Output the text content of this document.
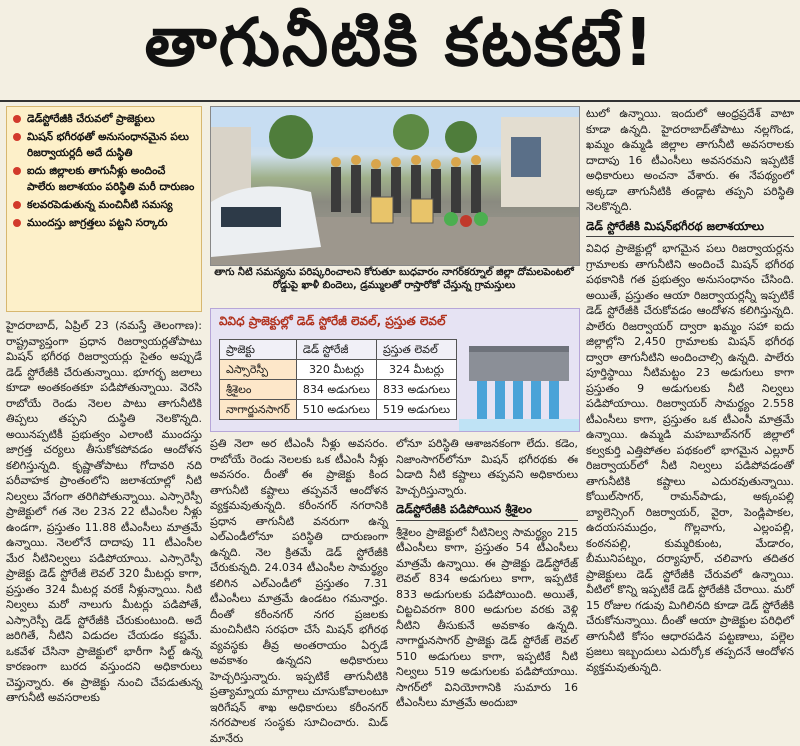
తాగునీటికి కటకటే!
డెడ్‌స్టోరేజీకి చేరువలో ప్రాజెక్టులు
మిషన్ భగీరథతో అనుసంధానమైన పలు రిజర్వాయర్లదీ అదే దుస్థితి
ఐదు జిల్లాలకు తాగునీళ్లు అందించే పాలేరు జలాశయం పరిస్థితి మరీ దారుణం
కలవరపెడుతున్న మంచినీటి సమస్య
ముందస్తు జాగ్రత్తలు పట్టని సర్కారు
తాగు నీటి సమస్యను పరిష్కరించాలని కోరుతూ బుధవారం నాగర్‌కర్నూల్ జిల్లా దోమలపెంటలో రోడ్డుపై ఖాళీ బిందెలు, డ్రమ్ములతో రాస్తారోకో చేస్తున్న గ్రామస్తులు

హైదరాబాద్, ఏప్రిల్ 23 (నమస్తే తెలంగాణ): రాష్ట్రవ్యాప్తంగా ప్రధాన రిజర్వాయర్లతోపాటు మిషన్ భగీరథ రిజర్వాయర్లు సైతం అప్పుడే డెడ్ స్టోరేజీకి చేరుతున్నాయి. భూగర్భ జలాలు కూడా అంతకంతకూ పడిపోతున్నాయి. వెరసి రాబోయే రెండు నెలల పాటు తాగునీటికి తిప్పలు తప్పని దుస్థితి నెలకొన్నది. అయినప్పటికీ ప్రభుత్వం ఎలాంటి ముందస్తు జాగ్రత్త చర్యలు తీసుకోకపోవడం ఆందోళన కలిగిస్తున్నది. కృష్ణాతోపాటు గోదావరి నది పరీవాహక ప్రాంతంలోని జలాశయాల్లో నీటి నిల్వలు వేగంగా తరిగిపోతున్నాయి. ఎస్సారెస్పీ ప్రాజెక్టులో గత నెల 23న 22 టీఎంసీల నీళ్లు ఉండగా, ప్రస్తుతం 11.88 టీఎంసీలు మాత్రమే ఉన్నాయి. నెలలోనే దాదాపు 11 టీఎంసీల మేర నీటినిల్వలు పడిపోయాయి. ఎస్సారెస్పీ ప్రాజెక్టు డెడ్ స్టోరేజీ లెవల్ 320 మీటర్లు కాగా, ప్రస్తుతం 324 మీటర్ల వరకే నీళ్లున్నాయి. నీటి నిల్వలు మరో నాలుగు మీటర్లు పడిపోతే, ఎస్సారెస్పీ డెడ్ స్టోరేజీకి చేరుకుంటుంది. అదే జరిగితే, నీటిని విడుదల చేయడం కష్టమే. ఒకవేళ చేసినా ప్రాజెక్టులో భారీగా సిల్ట్ ఉన్న కారణంగా బురద వస్తుందని అధికారులు చెప్తున్నారు. ఈ ప్రాజెక్టు నుంచి చేపడుతున్న తాగునీటి అవసరాలకు

వివిధ ప్రాజెక్టుల్లో డెడ్ స్టోరేజీ లెవల్, ప్రస్తుత లెవల్
ప్రాజెక్టు	డెడ్ స్టోరేజీ	ప్రస్తుత లెవల్
ఎస్సారెస్పీ	320 మీటర్లు	324 మీటర్లు
శ్రీశైలం	834 అడుగులు	833 అడుగులు
నాగార్జునసాగర్	510 అడుగులు	519 అడుగులు

ప్రతి నెలా అర టీఎంసీ నీళ్లు అవసరం. రాబోయే రెండు నెలలకు ఒక టీఎంసీ నీళ్లు అవసరం. దీంతో ఈ ప్రాజెక్టు కింద తాగునీటి కష్టాలు తప్పవనే ఆందోళన వ్యక్తమవుతున్నది. కరీంనగర్ నగరానికి ప్రధాన తాగునీటి వనరుగా ఉన్న ఎల్ఎండీలోనూ పరిస్థితి దారుణంగా ఉన్నది. నెల క్రితమే డెడ్ స్టోరేజీకి చేరుకున్నది. 24.034 టీఎంసీల సామర్థ్యం కలిగిన ఎల్ఎండీలో ప్రస్తుతం 7.31 టీఎంసీలు మాత్రమే ఉండటం గమనార్హం. దీంతో కరీంనగర్ నగర ప్రజలకు మంచినీటిని సరఫరా చేసే మిషన్ భగీరథ వ్యవస్థకు తీవ్ర అంతరాయం ఏర్పడే అవకాశం ఉన్నదని అధికారులు హెచ్చరిస్తున్నారు. ఇప్పటికే తాగునీటికి ప్రత్యామ్నాయ మార్గాలు చూసుకోవాలంటూ ఇరిగేషన్ శాఖ అధికారులు కరీంనగర్ నగరపాలక సంస్థకు సూచించారు. మిడ్ మానేరు

లోనూ పరిస్థితి ఆశాజనకంగా లేదు. కడెం, నిజాంసాగర్‌లోనూ మిషన్ భగీరథకు ఈ ఏడాది నీటి కష్టాలు తప్పవని అధికారులు హెచ్చరిస్తున్నారు.

డెడ్‌స్టోరేజీకి పడిపోయిన శ్రీశైలం

శ్రీశైలం ప్రాజెక్టులో నీటినిల్వ సామర్థ్యం 215 టీఎంసీలు కాగా, ప్రస్తుతం 54 టీఎంసీలు మాత్రమే ఉన్నాయి. ఈ ప్రాజెక్టు డెడ్‌స్టోరేజ్ లెవల్ 834 అడుగులు కాగా, ఇప్పటికే 833 అడుగులకు పడిపోయింది. అయితే, చిట్టచివరగా 800 అడుగుల వరకు వెళ్లి నీటిని తీసుకునే అవకాశం ఉన్నది. నాగార్జునసాగర్ ప్రాజెక్టు డెడ్ స్టోరేజ్ లెవల్ 510 అడుగులు కాగా, ఇప్పటికే నీటి నిల్వలు 519 అడుగులకు పడిపోయాయి. సాగర్‌లో వినియోగానికి సుమారు 16 టీఎంసీలు మాత్రమే అందుబా

టులో ఉన్నాయి. ఇందులో ఆంధ్రప్రదేశ్ వాటా కూడా ఉన్నది. హైదరాబాద్‌తోపాటు నల్లగొండ, ఖమ్మం ఉమ్మడి జిల్లాల తాగునీటి అవసరాలకు దాదాపు 16 టీఎంసీలు అవసరమని ఇప్పటికే అధికారులు అంచనా వేశారు. ఈ నేపథ్యంలో అక్కడా తాగునీటికి తండ్లాట తప్పని పరిస్థితి నెలకొన్నది.

డెడ్ స్టోరేజీకి మిషన్‌భగీరథ జలాశయాలు

వివిధ ప్రాజెక్టుల్లో భాగమైన పలు రిజర్వాయర్లను గ్రామాలకు తాగునీటిని అందించే మిషన్ భగీరథ పథకానికి గత ప్రభుత్వం అనుసంధానం చేసింది. అయితే, ప్రస్తుతం ఆయా రిజర్వాయర్లన్నీ ఇప్పటికే డెడ్ స్టోరేజీకి చేరుకోవడం ఆందోళన కలిగిస్తున్నది. పాలేరు రిజర్వాయర్ ద్వారా ఖమ్మం సహా ఐదు జిల్లాల్లోని 2,450 గ్రామాలకు మిషన్ భగీరథ ద్వారా తాగునీటిని అందించాల్సి ఉన్నది. పాలేరు పూర్తిస్థాయి నీటిమట్టం 23 అడుగులు కాగా ప్రస్తుతం 9 అడుగులకు నీటి నిల్వలు పడిపోయాయి. రిజర్వాయర్ సామర్థ్యం 2.558 టీఎంసీలు కాగా, ప్రస్తుతం ఒక టీఎంసీ మాత్రమే ఉన్నాయి. ఉమ్మడి మహబూబ్‌నగర్ జిల్లాలో కల్వకుర్తి ఎత్తిపోతల పథకంలో భాగమైన ఎల్లూర్ రిజర్వాయర్‌లో నీటి నిల్వలు పడిపోవడంతో తాగునీటికి కష్టాలు ఎదురవుతున్నాయి. కోయిల్‌సాగర్, రామన్‌పాడు, అక్కంపల్లి బ్యాలెన్సింగ్ రిజర్వాయర్, వైరా, పెండ్లిపాకల, ఉదయసముద్రం, గొల్లవాగు, ఎల్లంపల్లి, కంఠనపల్లి, కుమ్మరికుంట, మేడారం, బీమునిపట్నం, దర్యాపూర్, చలివాగు తదితర ప్రాజెక్టులు డెడ్ స్టోరేజీకి చేరువలో ఉన్నాయి. వీటిలో కొన్ని ఇప్పటికే డెడ్ స్టోరేజీకి చేరాయి. మరో 15 రోజుల గడువు మిగిలినది కూడా డెడ్ స్టోరేజీకి చేరుకోనున్నాయి. దీంతో ఆయా ప్రాజెక్టుల పరిధిలో తాగునీటి కోసం ఆధారపడిన పట్టణాలు, పల్లెల ప్రజలు ఇబ్బందులు ఎదుర్కోక తప్పదనే ఆందోళన వ్యక్తమవుతున్నది.
